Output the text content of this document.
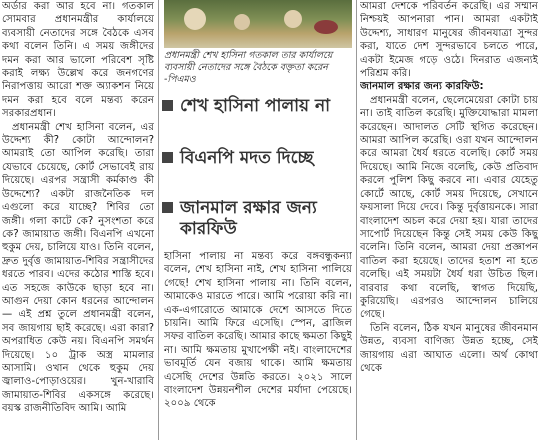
অর্ডার করা আর হবে না। গতকাল সোমবার প্রধানমন্ত্রীর কার্যালয়ে ব্যবসায়ী নেতাদের সঙ্গে বৈঠকে এসব কথা বলেন তিনি। এ সময় জঙ্গীদের দমন করা আর ভালো পরিবেশ সৃষ্টি করাই লক্ষ্য উল্লেখ করে জনগণের নিরাপত্তায় আরো শক্ত অ্যাকশন নিয়ে দমন করা হবে বলে মন্তব্য করেন সরকারপ্রধান।

প্রধানমন্ত্রী শেখ হাসিনা বলেন, এর উদ্দেশ্য কী? কোটা আন্দোলন? আমরাই তো আপিল করেছি। তারা যেভাবে চেয়েছে, কোর্ট সেভাবেই রায় দিয়েছে। এরপর সন্ত্রাসী কর্মকাণ্ড কী উদ্দেশ্যে? একটা রাজনৈতিক দল এগুলো করে যাচ্ছে? শিবির তো জঙ্গী। গলা কাটে কে? নুসংশতা করে কে? জামায়াত জঙ্গী। বিএনপি এখনো হুকুম দেয়, চালিয়ে যাও। তিনি বলেন, দ্রুত দুর্বৃত্ত জামায়াত-শিবির সন্ত্রাসীদের ধরতে পারব। এদের কঠোর শাস্তি হবে। এত সহজে কাউকে ছাড়া হবে না। আগুন দেয়া কোন ধরনের আন্দোলন— এই প্রশ্ন তুলে প্রধানমন্ত্রী বলেন, সব জায়গায় ছাই করেছে। এরা কারা? অপরাধিত কেউ নয়। বিএনপি সমর্থন দিয়েছে। ১০ ট্রাক অস্ত্র মামলার আসামি। ওখান থেকে হুকুম দেয় জ্বালাও-পোড়াওয়ের। খুন-খারাবি জামায়াত-শিবির একসঙ্গে করেছে। বয়স্ক রাজনীতিবিদ আমি। আমি

প্রধানমন্ত্রী শেখ হাসিনা গতকাল তার কার্যালয়ে ব্যবসায়ী নেতাদের সঙ্গে বৈঠকে বক্তৃতা করেন -পিএমও
শেখ হাসিনা পালায় না
বিএনপি মদত দিচ্ছে
জানমাল রক্ষার জন্য কারফিউ

হাসিনা পালায় না মন্তব্য করে বঙ্গবন্ধুকন্যা বলেন, শেখ হাসিনা নাই, শেখ হাসিনা পালিয়ে গেছে! শেখ হাসিনা পালায় না। তিনি বলেন, আমাকেও মারতে পারে। আমি পরোয়া করি না। এক-এগারোতে আমাকে দেশে আসতে দিতে চায়নি। আমি ফিরে এসেছি। স্পেন, ব্রাজিল সফর বাতিল করেছি। আমার কাছে ক্ষমতা কিছুই না। আমি ক্ষমতায় মুখাপেক্ষী নই। বাংলাদেশের ভাবমূর্তি যেন বজায় থাকে। আমি ক্ষমতায় এসেছি দেশের উন্নতি করতে। ২০২১ সালে বাংলাদেশ উন্নয়নশীল দেশের মর্যাদা পেয়েছে। ২০০৯ থেকে

আমরা দেশকে পরিবর্তন করেছি। এর সম্মান নিশ্চয়ই আপনারা পান। আমরা একটাই উদ্দেশ্য, সাধারণ মানুষের জীবনযাত্রা সুন্দর করা, যাতে দেশ সুন্দরভাবে চলতে পারে, একটা ইমেজ গড়ে ওঠে। দিনরাত এজন্যই পরিশ্রম করি।

জানমাল রক্ষার জন্য কারফিউ:

প্রধানমন্ত্রী বলেন, ছেলেমেয়েরা কোটা চায় না। তাই বাতিল করেছি। মুক্তিযোদ্ধারা মামলা করেছেন। আদালত সেটি স্থগিত করেছেন। আমরা আপিল করেছি। ওরা যখন আন্দোলন করে আমরা ধৈর্য ধরতে বলেছি। কোর্ট সময় দিয়েছে। আমি নিজে বলেছি, কেউ প্রতিবাদ করলে পুলিশ কিছু করবে না। এবার যেহেতু কোর্টে আছে, কোর্ট সময় দিয়েছে, সেখানে ফয়সালা দিয়ে দেবে। কিন্তু দুর্বৃত্তায়নকে। সারা বাংলাদেশ অচল করে দেয়া হয়। যারা তাদের সাপোর্ট দিয়েছেন কিন্তু সেই সময় কেউ কিছু বলেনি। তিনি বলেন, আমরা দেয়া প্রজ্ঞাপন বাতিল করা হয়েছে। তাদের হতাশ না হতে বলেছি। এই সময়টা ধৈর্য ধরা উচিত ছিল। বারবার কথা বলেছি, স্বাগত দিয়েছি, কুরিয়েছি। এরপরও আন্দোলন চালিয়ে গেছে।

তিনি বলেন, ঠিক যখন মানুষের জীবনমান উন্নত, ব্যবসা বাণিজ্য উন্নত হচ্ছে, সেই জায়গায় এরা আঘাত এলো। অর্থ কোথা থেকে
